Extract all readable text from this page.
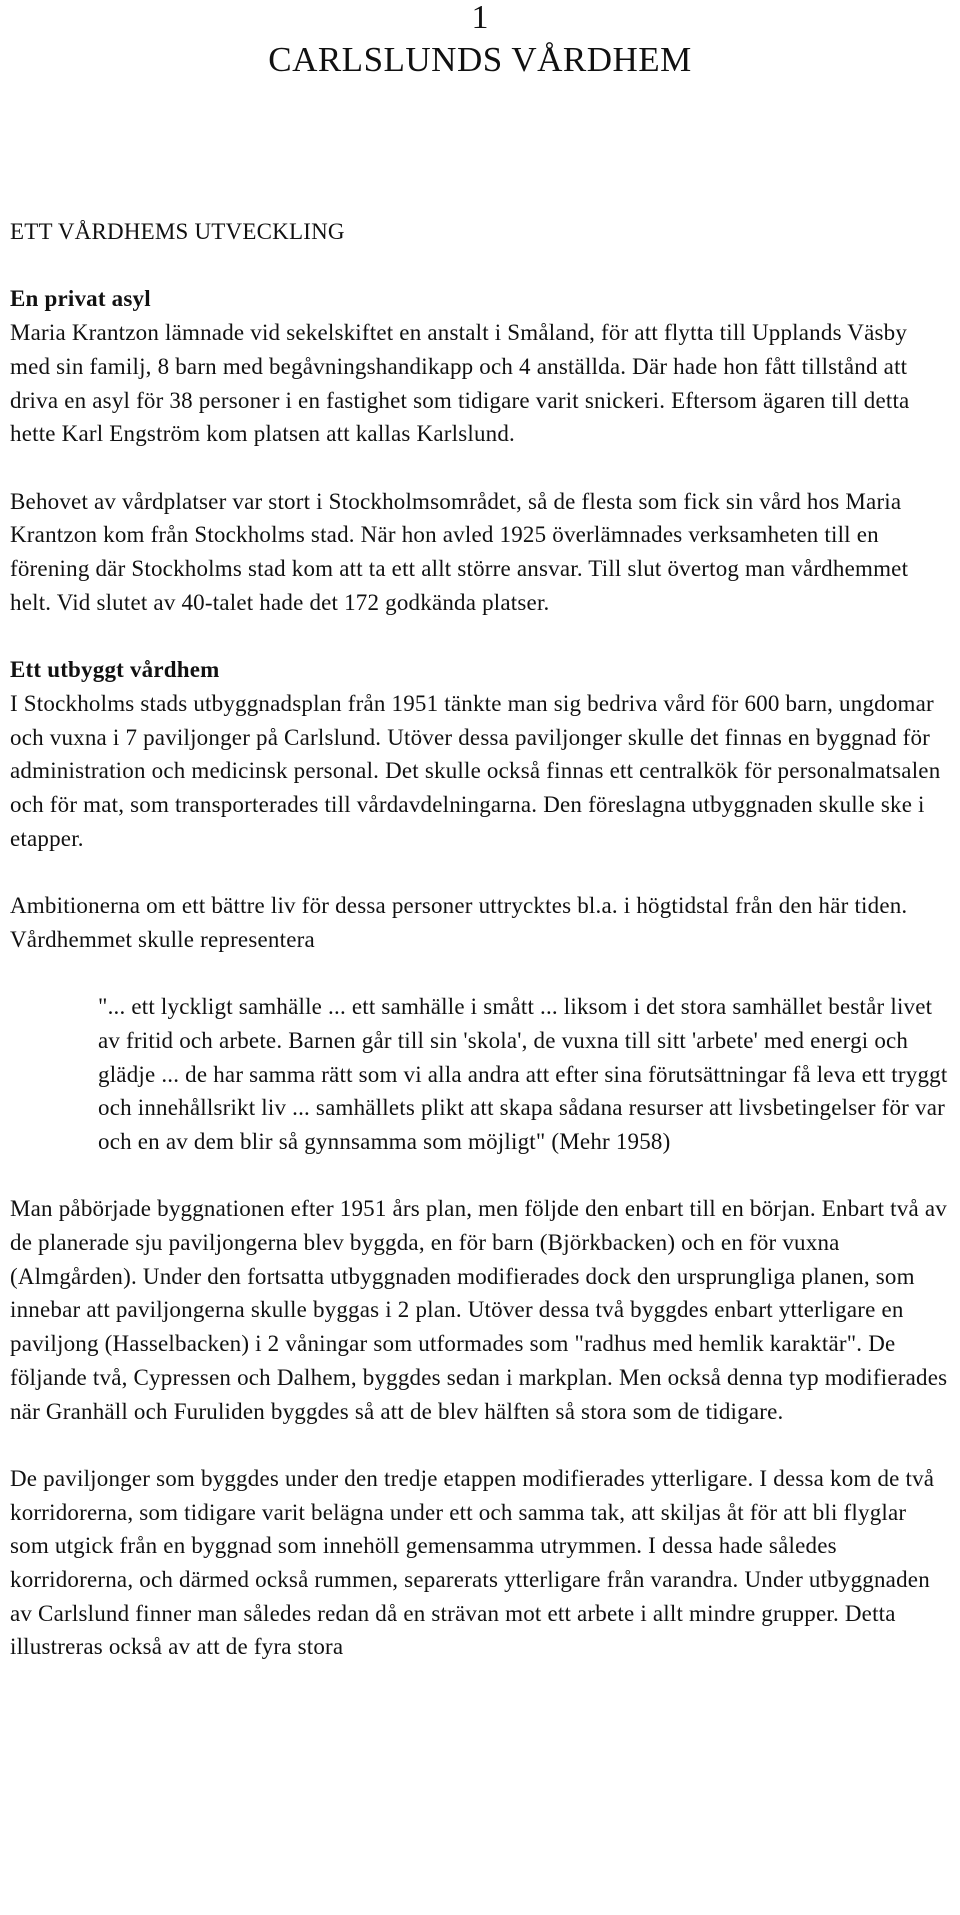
1
CARLSLUNDS VÅRDHEM

ETT VÅRDHEMS UTVECKLING

En privat asyl

Maria Krantzon lämnade vid sekelskiftet en anstalt i Småland, för att flytta till Upplands Väsby med sin familj, 8 barn med begåvningshandikapp och 4 anställda. Där hade hon fått tillstånd att driva en asyl för 38 personer i en fastighet som tidigare varit snickeri. Eftersom ägaren till detta hette Karl Engström kom platsen att kallas Karlslund.

Behovet av vårdplatser var stort i Stockholmsområdet, så de flesta som fick sin vård hos Maria Krantzon kom från Stockholms stad. När hon avled 1925 överlämnades verksamheten till en förening där Stockholms stad kom att ta ett allt större ansvar. Till slut övertog man vårdhemmet helt. Vid slutet av 40-talet hade det 172 godkända platser.

Ett utbyggt vårdhem

I Stockholms stads utbyggnadsplan från 1951 tänkte man sig bedriva vård för 600 barn, ungdomar och vuxna i 7 paviljonger på Carlslund. Utöver dessa paviljonger skulle det finnas en byggnad för administration och medicinsk personal. Det skulle också finnas ett centralkök för personalmatsalen och för mat, som transporterades till vårdavdelningarna. Den föreslagna utbyggnaden skulle ske i etapper.

Ambitionerna om ett bättre liv för dessa personer uttrycktes bl.a. i högtidstal från den här tiden. Vårdhemmet skulle representera

"... ett lyckligt samhälle ... ett samhälle i smått ... liksom i det stora samhället består livet av fritid och arbete. Barnen går till sin 'skola', de vuxna till sitt 'arbete' med energi och glädje ... de har samma rätt som vi alla andra att efter sina förutsättningar få leva ett tryggt och innehållsrikt liv ... samhällets plikt att skapa sådana resurser att livsbetingelser för var och en av dem blir så gynnsamma som möjligt" (Mehr 1958)

Man påbörjade byggnationen efter 1951 års plan, men följde den enbart till en början. Enbart två av de planerade sju paviljongerna blev byggda, en för barn (Björkbacken) och en för vuxna (Almgården). Under den fortsatta utbyggnaden modifierades dock den ursprungliga planen, som innebar att paviljongerna skulle byggas i 2 plan. Utöver dessa två byggdes enbart ytterligare en paviljong (Hasselbacken) i 2 våningar som utformades som "radhus med hemlik karaktär". De följande två, Cypressen och Dalhem, byggdes sedan i markplan. Men också denna typ modifierades när Granhäll och Furuliden byggdes så att de blev hälften så stora som de tidigare.

De paviljonger som byggdes under den tredje etappen modifierades ytterligare. I dessa kom de två korridorerna, som tidigare varit belägna under ett och samma tak, att skiljas åt för att bli flyglar som utgick från en byggnad som innehöll gemensamma utrymmen. I dessa hade således korridorerna, och därmed också rummen, separerats ytterligare från varandra. Under utbyggnaden av Carlslund finner man således redan då en strävan mot ett arbete i allt mindre grupper. Detta illustreras också av att de fyra stora
